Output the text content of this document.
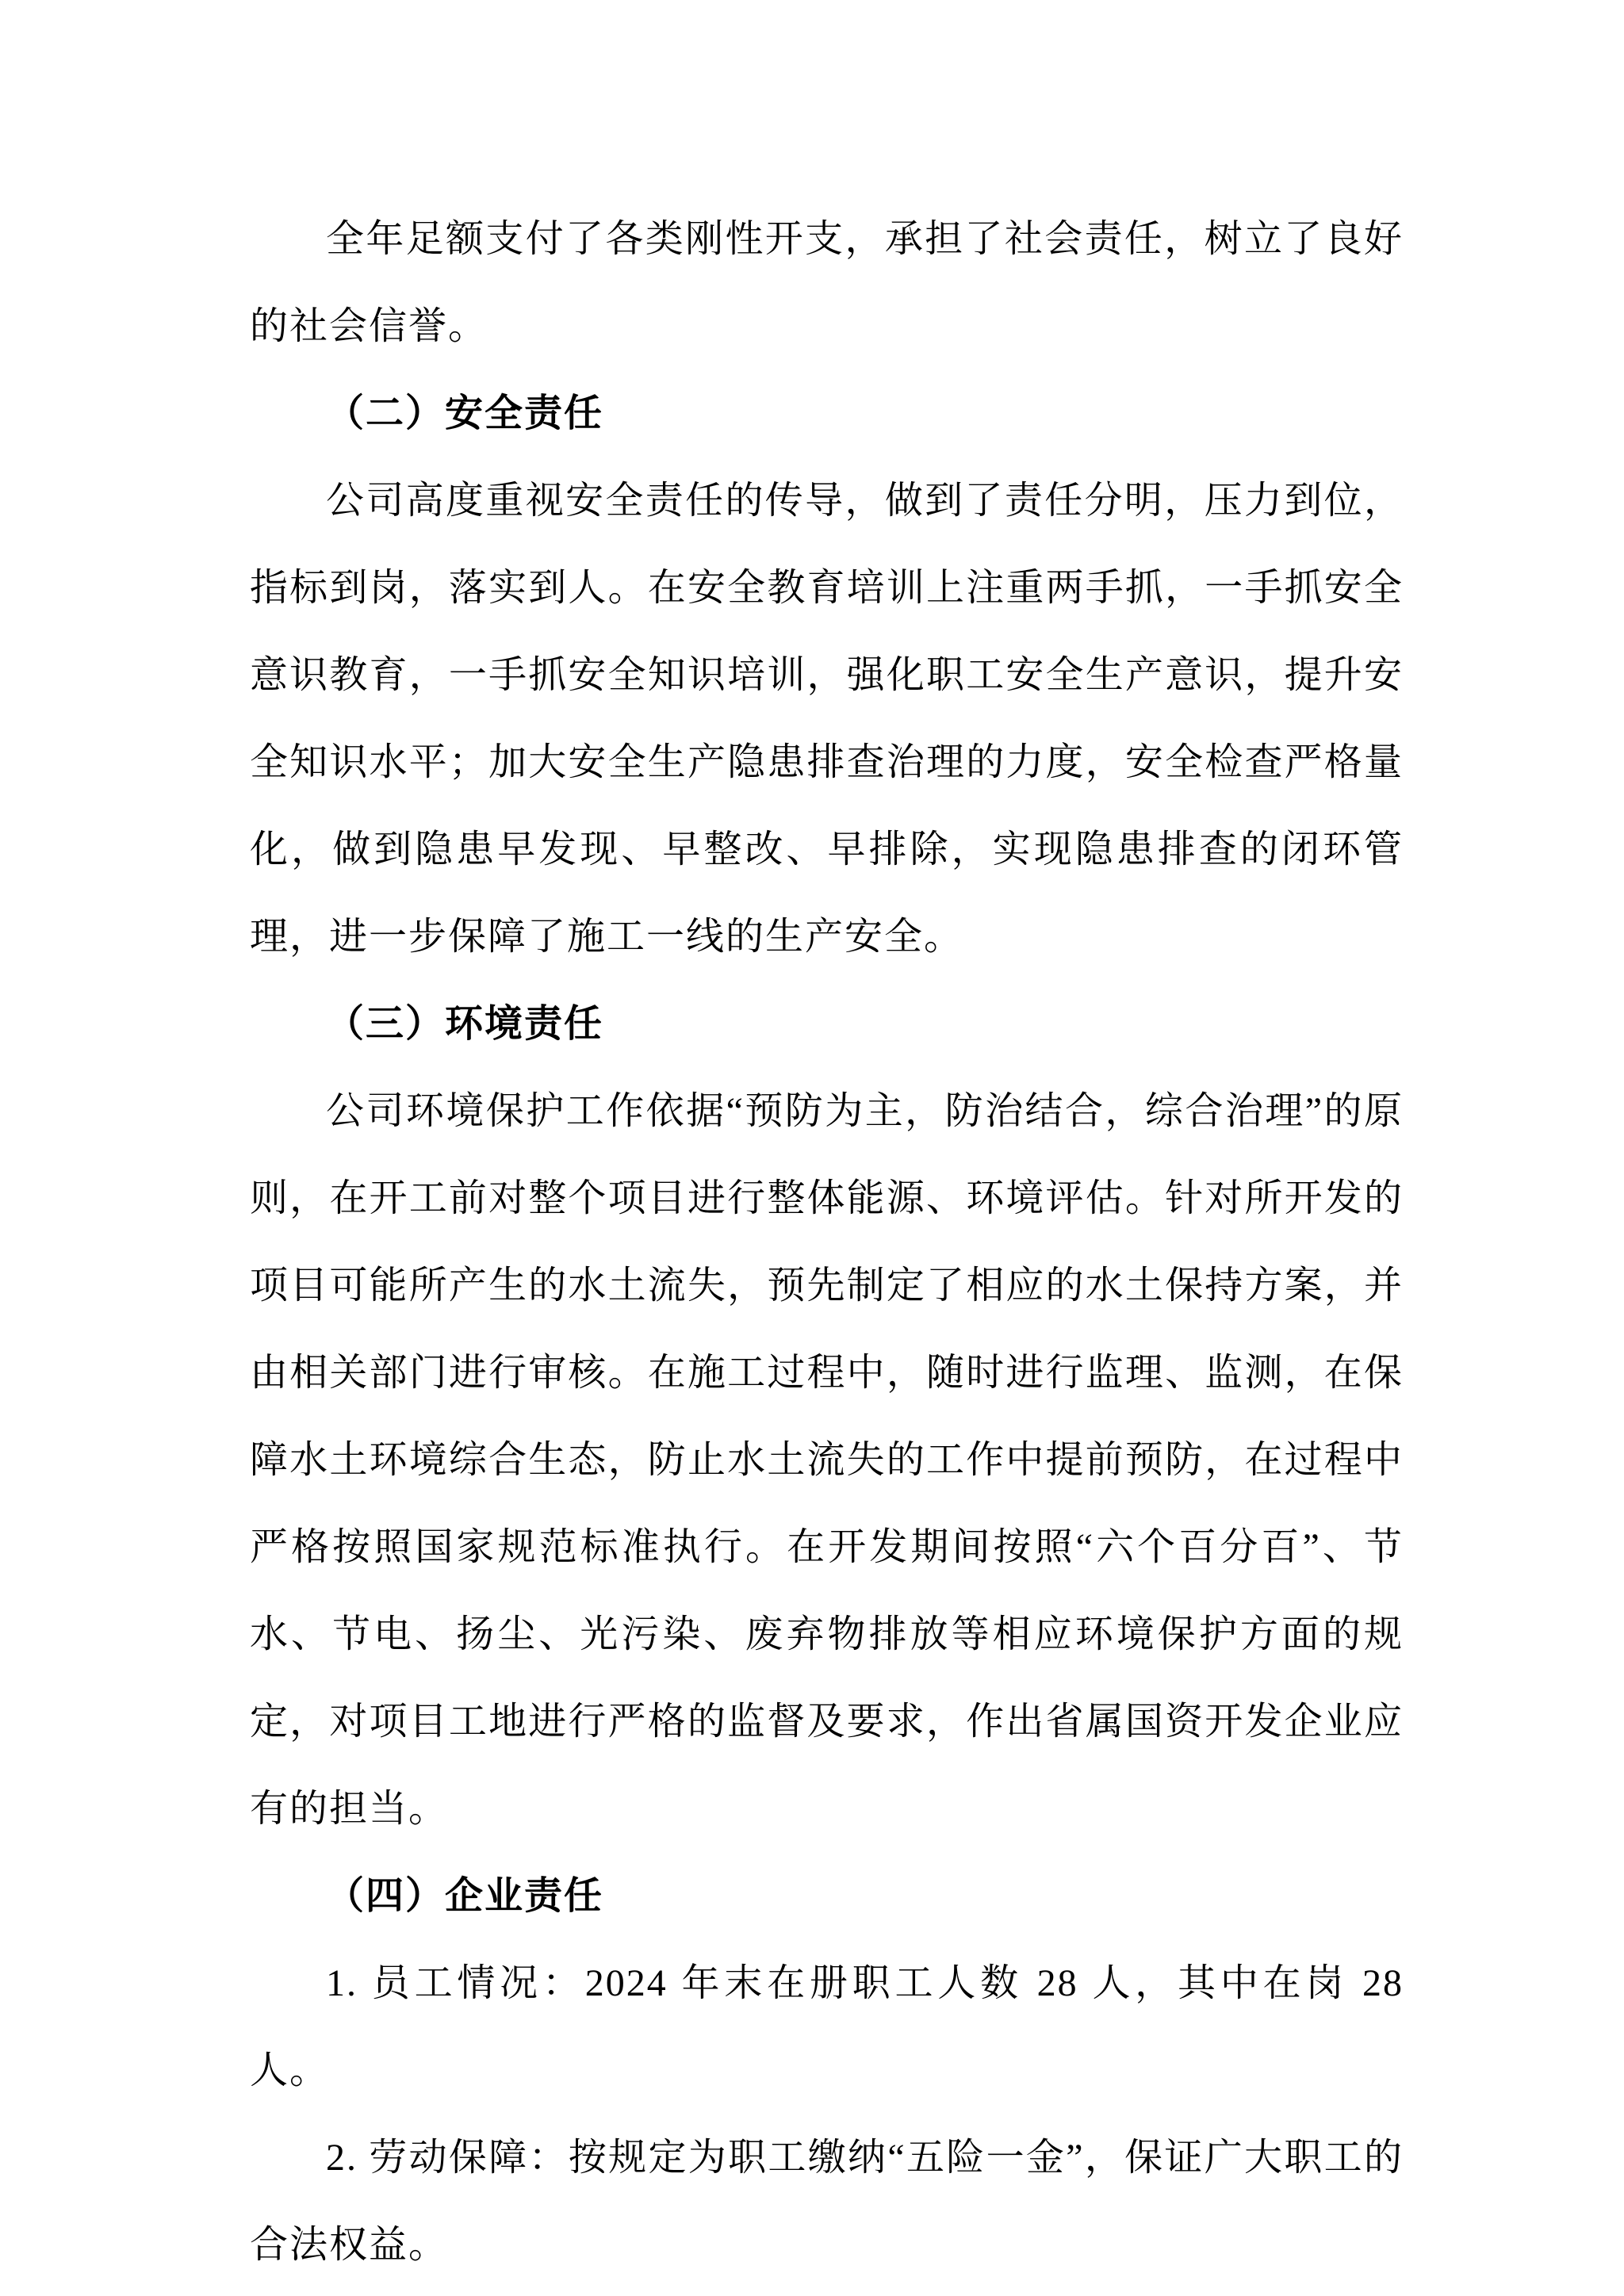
全年足额支付了各类刚性开支，承担了社会责任，树立了良好的社会信誉。

（二）安全责任

公司高度重视安全责任的传导，做到了责任分明，压力到位，指标到岗，落实到人。在安全教育培训上注重两手抓，一手抓安全意识教育，一手抓安全知识培训，强化职工安全生产意识，提升安全知识水平；加大安全生产隐患排查治理的力度，安全检查严格量化，做到隐患早发现、早整改、早排除，实现隐患排查的闭环管理，进一步保障了施工一线的生产安全。

（三）环境责任

公司环境保护工作依据“预防为主，防治结合，综合治理”的原则，在开工前对整个项目进行整体能源、环境评估。针对所开发的项目可能所产生的水土流失，预先制定了相应的水土保持方案，并由相关部门进行审核。在施工过程中，随时进行监理、监测，在保障水土环境综合生态，防止水土流失的工作中提前预防，在过程中严格按照国家规范标准执行。在开发期间按照“六个百分百”、节水、节电、扬尘、光污染、废弃物排放等相应环境保护方面的规定，对项目工地进行严格的监督及要求，作出省属国资开发企业应有的担当。

（四）企业责任

1. 员工情况：2024 年末在册职工人数 28 人，其中在岗 28 人。

2. 劳动保障：按规定为职工缴纳“五险一金”，保证广大职工的合法权益。
